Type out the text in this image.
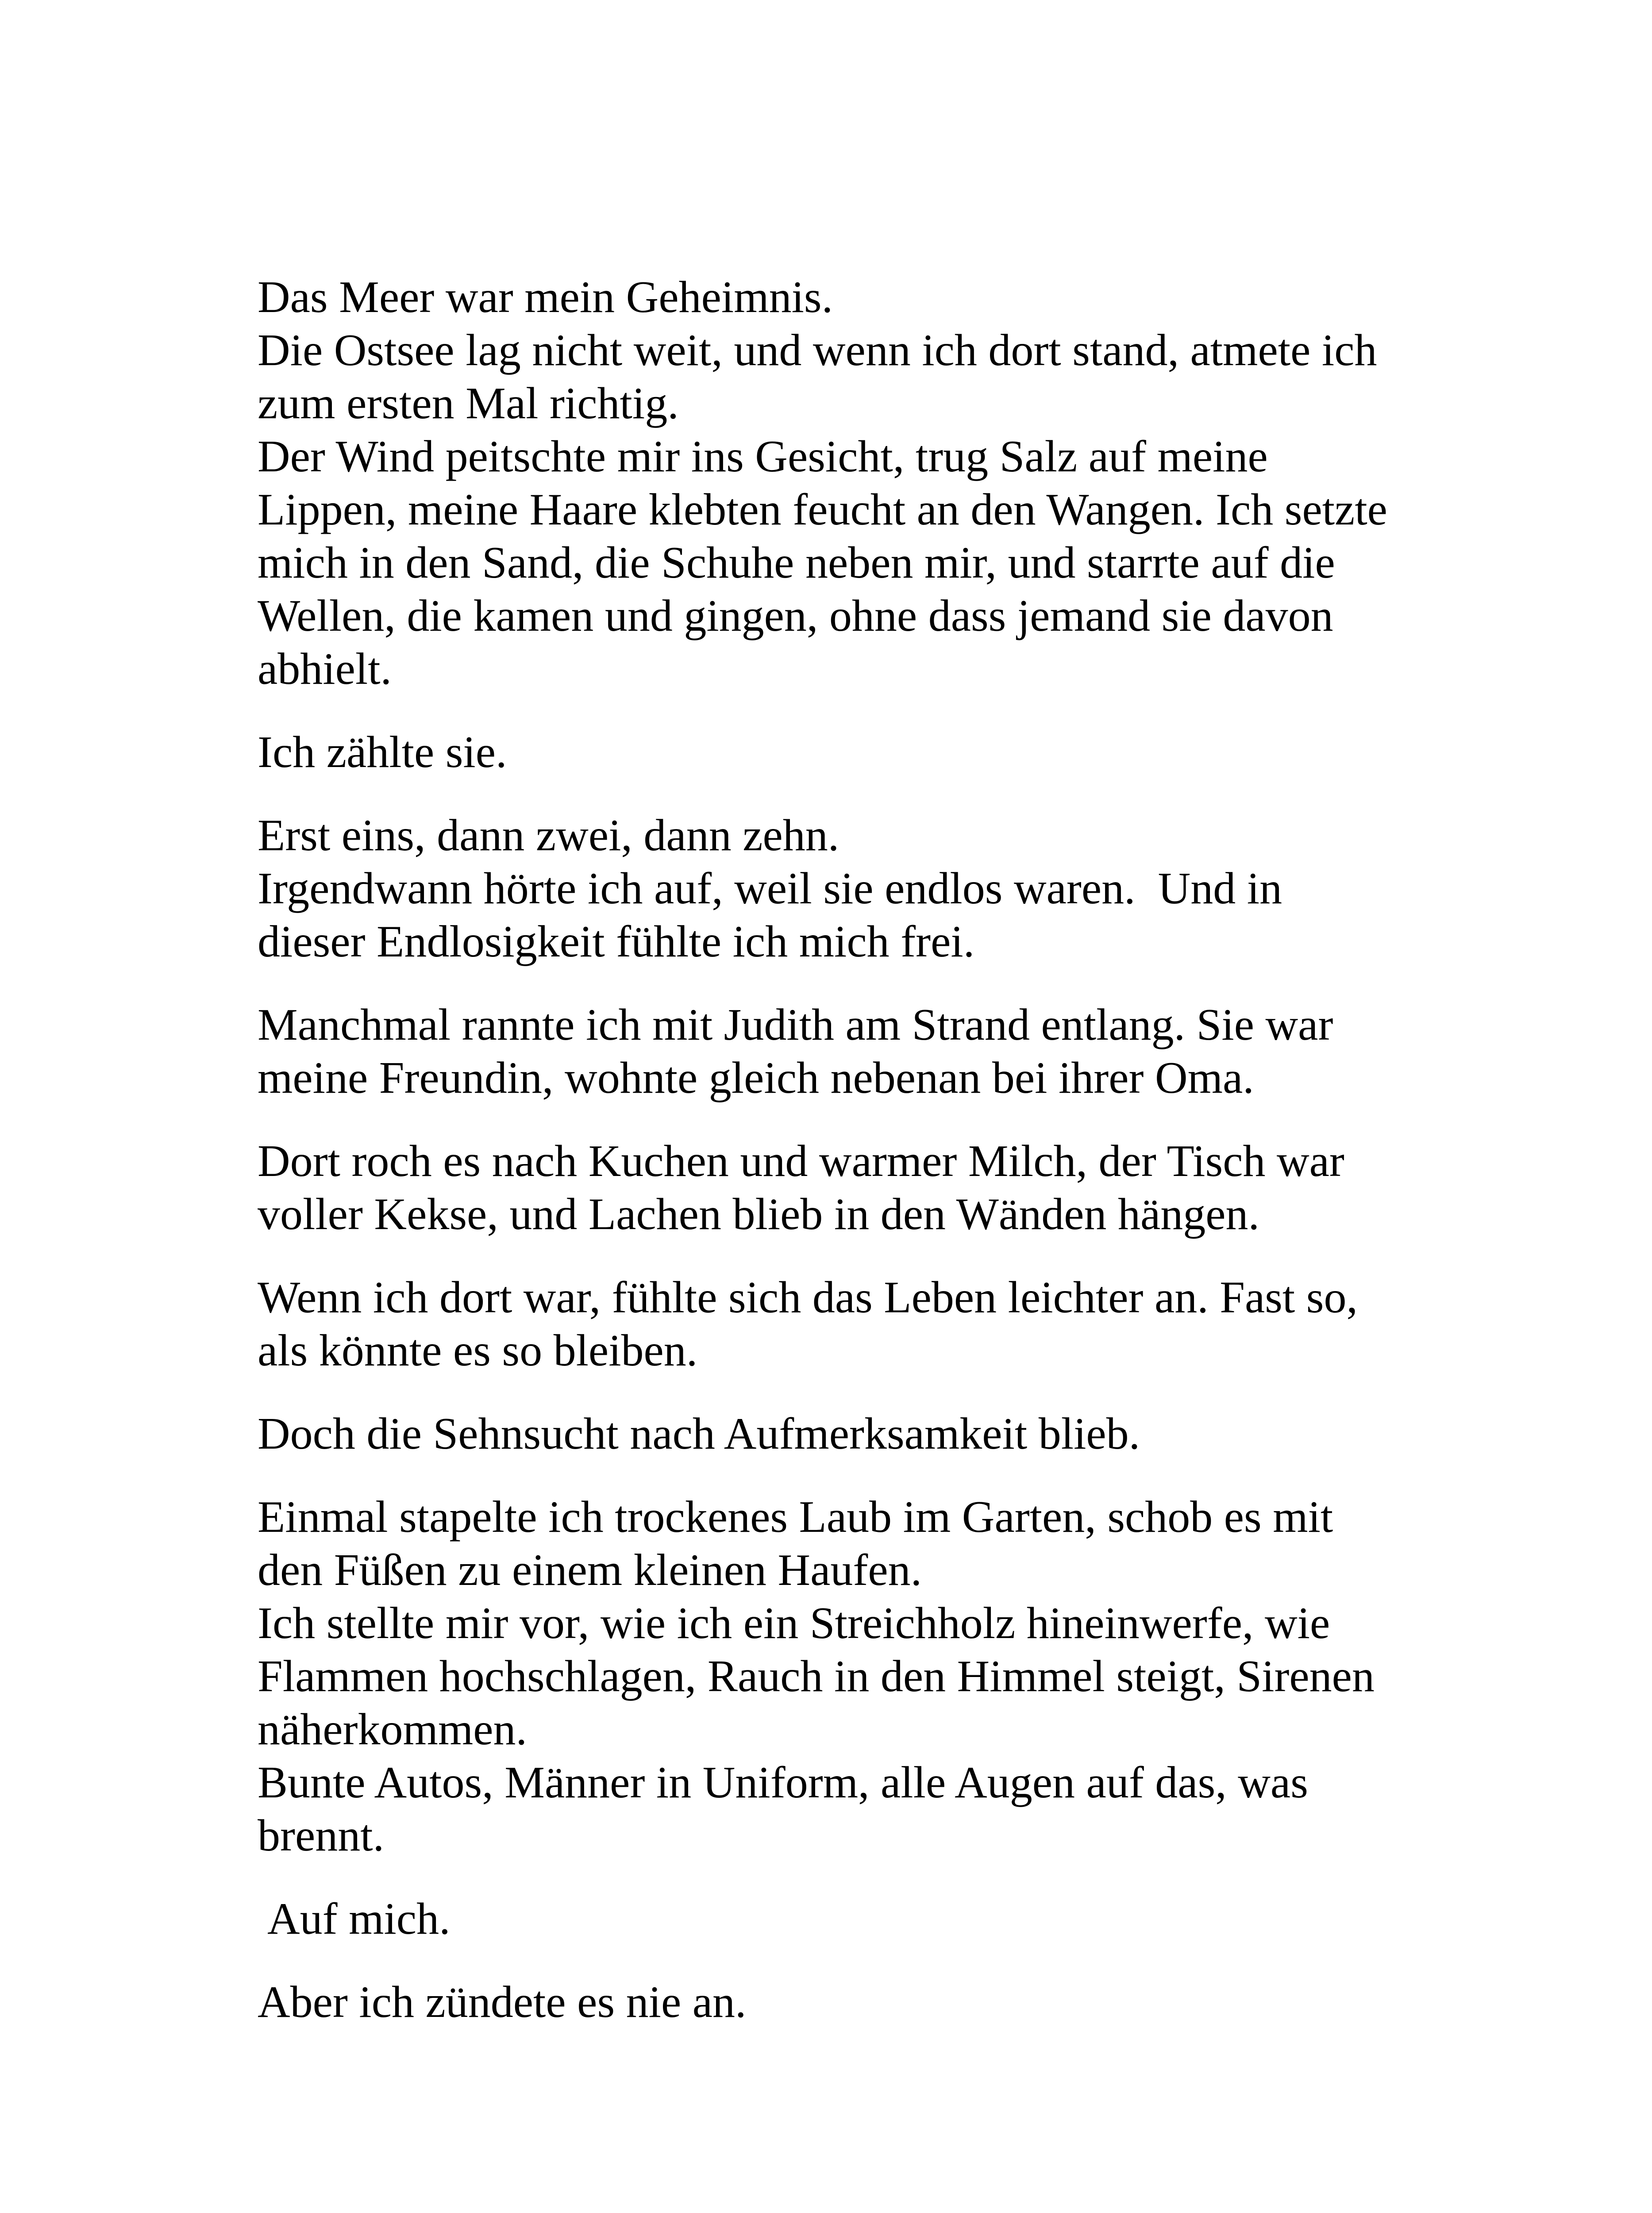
Das Meer war mein Geheimnis.
Die Ostsee lag nicht weit, und wenn ich dort stand, atmete ich
zum ersten Mal richtig.
Der Wind peitschte mir ins Gesicht, trug Salz auf meine
Lippen, meine Haare klebten feucht an den Wangen. Ich setzte
mich in den Sand, die Schuhe neben mir, und starrte auf die
Wellen, die kamen und gingen, ohne dass jemand sie davon
abhielt.

Ich zählte sie.

Erst eins, dann zwei, dann zehn.
Irgendwann hörte ich auf, weil sie endlos waren.  Und in
dieser Endlosigkeit fühlte ich mich frei.

Manchmal rannte ich mit Judith am Strand entlang. Sie war
meine Freundin, wohnte gleich nebenan bei ihrer Oma.

Dort roch es nach Kuchen und warmer Milch, der Tisch war
voller Kekse, und Lachen blieb in den Wänden hängen.

Wenn ich dort war, fühlte sich das Leben leichter an. Fast so,
als könnte es so bleiben.

Doch die Sehnsucht nach Aufmerksamkeit blieb.

Einmal stapelte ich trockenes Laub im Garten, schob es mit
den Füßen zu einem kleinen Haufen.
Ich stellte mir vor, wie ich ein Streichholz hineinwerfe, wie
Flammen hochschlagen, Rauch in den Himmel steigt, Sirenen
näherkommen.
Bunte Autos, Männer in Uniform, alle Augen auf das, was
brennt.

Auf mich.

Aber ich zündete es nie an.
